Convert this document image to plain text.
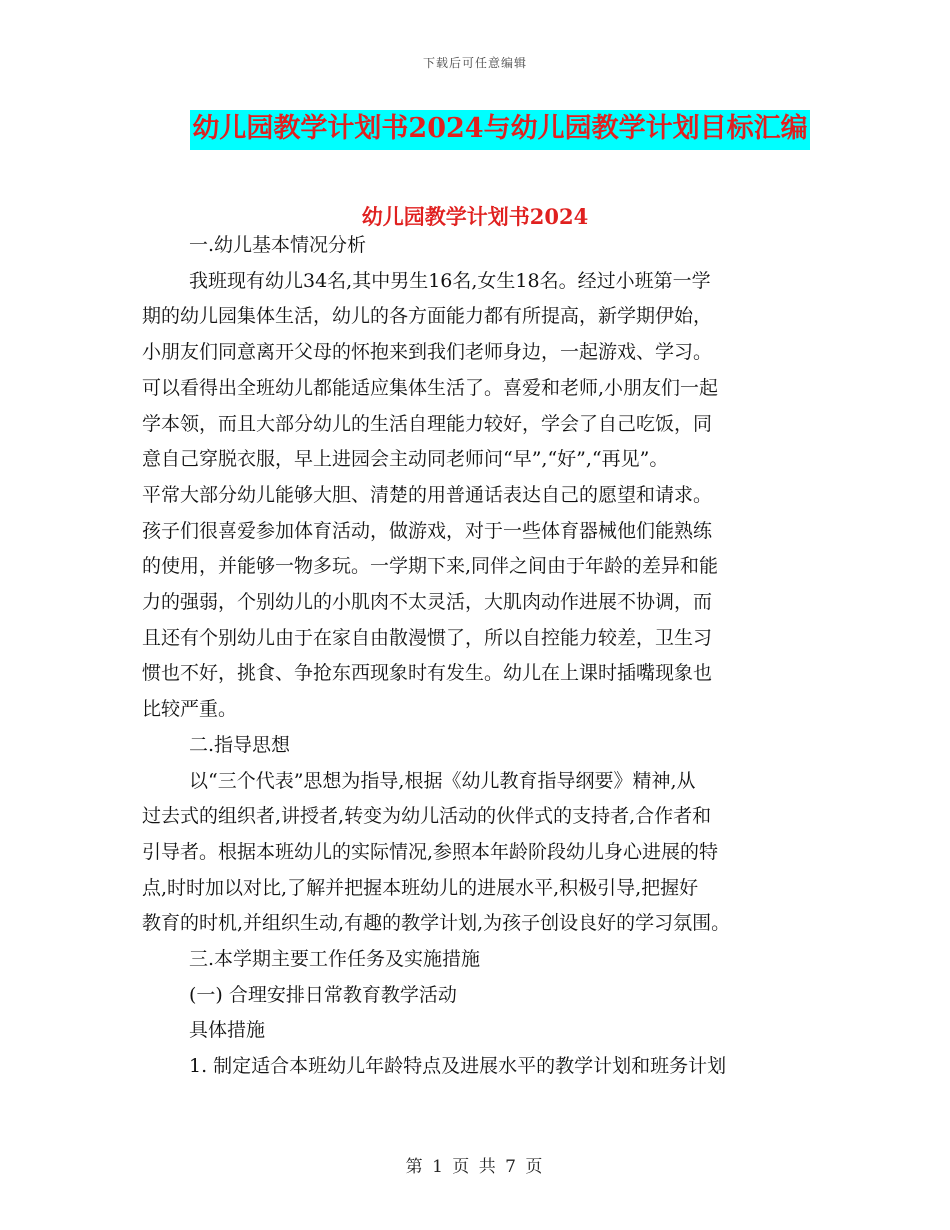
下载后可任意编辑
幼儿园教学计划书2024与幼儿园教学计划目标汇编
幼儿园教学计划书2024

一.幼儿基本情况分析

我班现有幼儿34名,其中男生16名,女生18名。经过小班第一学

期的幼儿园集体生活，幼儿的各方面能力都有所提高，新学期伊始，

小朋友们同意离开父母的怀抱来到我们老师身边，一起游戏、学习。

可以看得出全班幼儿都能适应集体生活了。喜爱和老师,小朋友们一起

学本领，而且大部分幼儿的生活自理能力较好，学会了自己吃饭，同

意自己穿脱衣服，早上进园会主动同老师问“早”,“好”,“再见”。

平常大部分幼儿能够大胆、清楚的用普通话表达自己的愿望和请求。

孩子们很喜爱参加体育活动，做游戏，对于一些体育器械他们能熟练

的使用，并能够一物多玩。一学期下来,同伴之间由于年龄的差异和能

力的强弱，个别幼儿的小肌肉不太灵活，大肌肉动作进展不协调，而

且还有个别幼儿由于在家自由散漫惯了，所以自控能力较差，卫生习

惯也不好，挑食、争抢东西现象时有发生。幼儿在上课时插嘴现象也

比较严重。

二.指导思想

以“三个代表”思想为指导,根据《幼儿教育指导纲要》精神,从

过去式的组织者,讲授者,转变为幼儿活动的伙伴式的支持者,合作者和

引导者。根据本班幼儿的实际情况,参照本年龄阶段幼儿身心进展的特

点,时时加以对比,了解并把握本班幼儿的进展水平,积极引导,把握好

教育的时机,并组织生动,有趣的教学计划,为孩子创设良好的学习氛围。

三.本学期主要工作任务及实施措施

(一) 合理安排日常教育教学活动

具体措施

1. 制定适合本班幼儿年龄特点及进展水平的教学计划和班务计划

第 1 页 共 7 页
